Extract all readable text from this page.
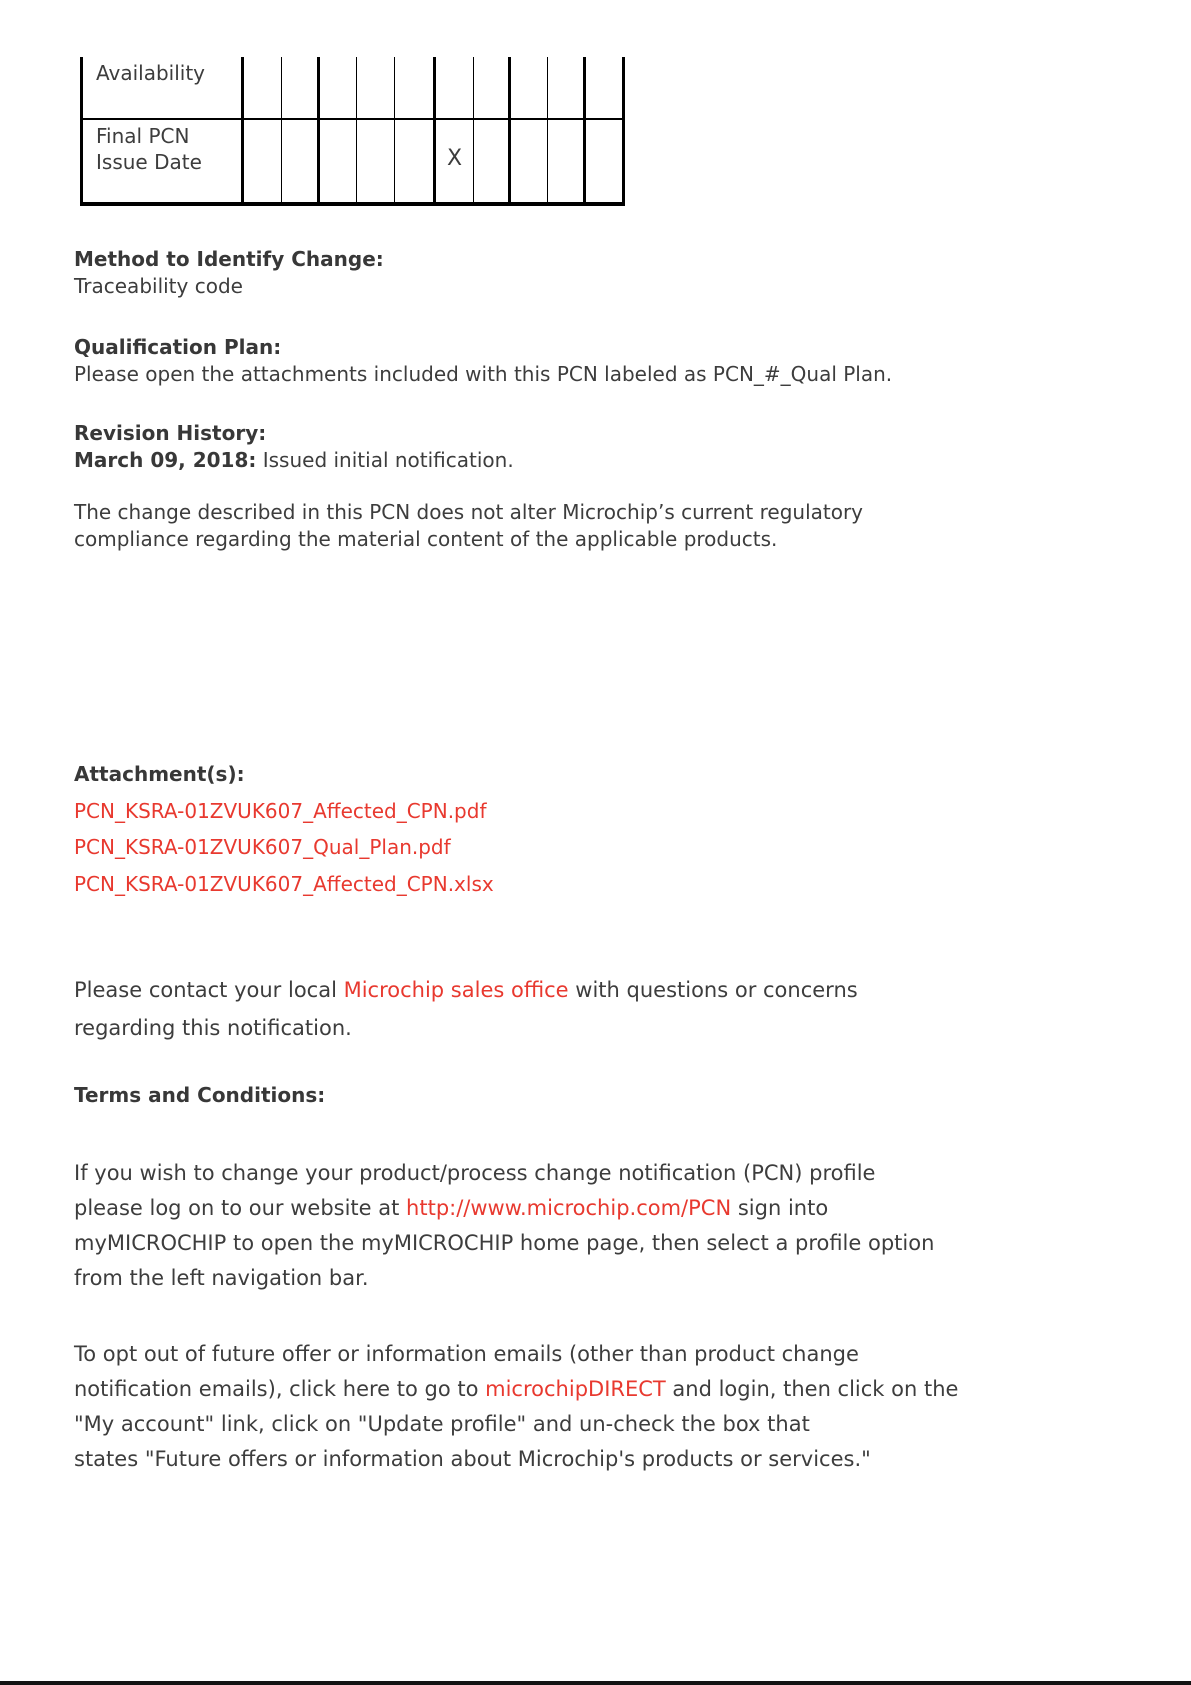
Availability										

Final PCN
Issue Date						X				
Method to Identify Change:
Traceability code
Qualification Plan:
Please open the attachments included with this PCN labeled as PCN_#_Qual Plan.
Revision History:
March 09, 2018: Issued initial notification.
The change described in this PCN does not alter Microchip’s current regulatory
compliance regarding the material content of the applicable products.
Attachment(s):
PCN_KSRA-01ZVUK607_Affected_CPN.pdf
PCN_KSRA-01ZVUK607_Qual_Plan.pdf
PCN_KSRA-01ZVUK607_Affected_CPN.xlsx
Please contact your local Microchip sales office with questions or concerns
regarding this notification.
Terms and Conditions:
If you wish to change your product/process change notification (PCN) profile
please log on to our website at http://www.microchip.com/PCN sign into
myMICROCHIP to open the myMICROCHIP home page, then select a profile option
from the left navigation bar.
To opt out of future offer or information emails (other than product change
notification emails), click here to go to microchipDIRECT and login, then click on the
"My account" link, click on "Update profile" and un-check the box that
states "Future offers or information about Microchip's products or services."
